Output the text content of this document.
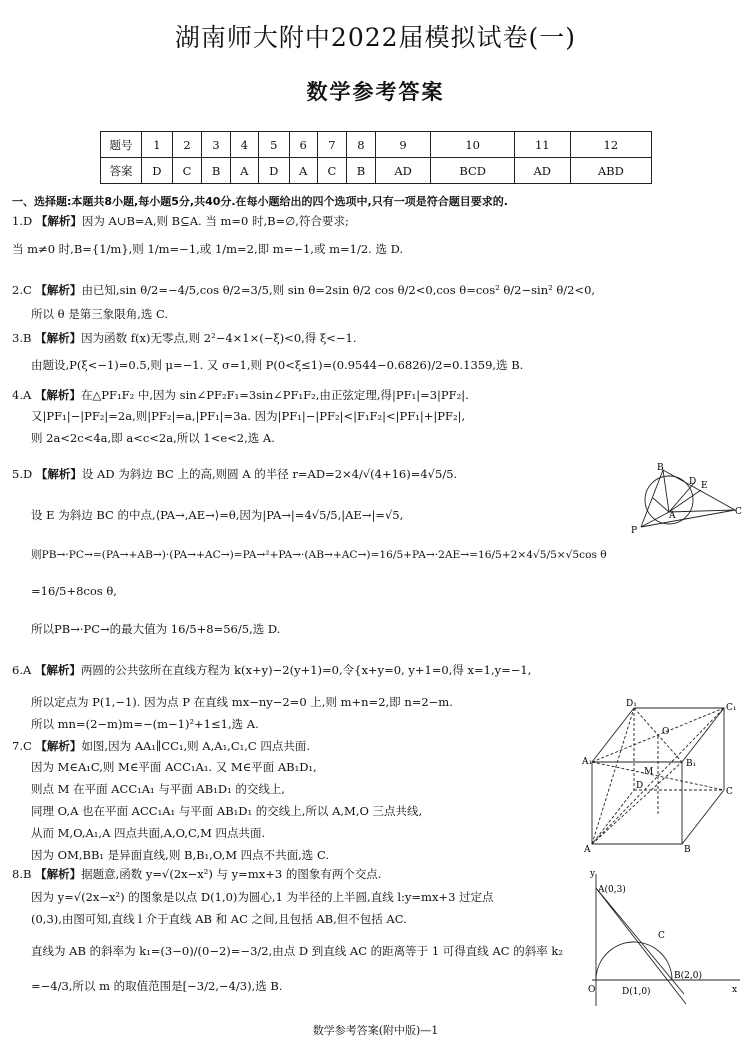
湖南师大附中2022届模拟试卷(一)
数学参考答案
题号	1	2	3	4	5	6	7	8	9	10	11	12
答案	D	C	B	A	D	A	C	B	AD	BCD	AD	ABD
一、选择题:本题共8小题,每小题5分,共40分.在每小题给出的四个选项中,只有一项是符合题目要求的.
1.D 【解析】因为 A∪B=A,则 B⊆A. 当 m=0 时,B=∅,符合要求;
当 m≠0 时,B={1/m},则 1/m=−1,或 1/m=2,即 m=−1,或 m=1/2. 选 D.
2.C 【解析】由已知,sin θ/2=−4/5,cos θ/2=3/5,则 sin θ=2sin θ/2 cos θ/2<0,cos θ=cos² θ/2−sin² θ/2<0,
所以 θ 是第三象限角,选 C.
3.B 【解析】因为函数 f(x)无零点,则 2²−4×1×(−ξ)<0,得 ξ<−1.
由题设,P(ξ<−1)=0.5,则 μ=−1. 又 σ=1,则 P(0<ξ≤1)=(0.9544−0.6826)/2=0.1359,选 B.
4.A 【解析】在△PF₁F₂ 中,因为 sin∠PF₂F₁=3sin∠PF₁F₂,由正弦定理,得|PF₁|=3|PF₂|.
又|PF₁|−|PF₂|=2a,则|PF₂|=a,|PF₁|=3a. 因为|PF₁|−|PF₂|<|F₁F₂|<|PF₁|+|PF₂|,
则 2a<2c<4a,即 a<c<2a,所以 1<e<2,选 A.
5.D 【解析】设 AD 为斜边 BC 上的高,则圆 A 的半径 r=AD=2×4/√(4+16)=4√5/5.
设 E 为斜边 BC 的中点,⟨PA→,AE→⟩=θ,因为|PA→|=4√5/5,|AE→|=√5,
则PB→·PC→=(PA→+AB→)·(PA→+AC→)=PA→²+PA→·(AB→+AC→)=16/5+PA→·2AE→=16/5+2×4√5/5×√5cos θ
=16/5+8cos θ,
所以PB→·PC→的最大值为 16/5+8=56/5,选 D.
6.A 【解析】两圆的公共弦所在直线方程为 k(x+y)−2(y+1)=0,令{x+y=0, y+1=0,得 x=1,y=−1,
所以定点为 P(1,−1). 因为点 P 在直线 mx−ny−2=0 上,则 m+n=2,即 n=2−m.
所以 mn=(2−m)m=−(m−1)²+1≤1,选 A.
7.C 【解析】如图,因为 AA₁∥CC₁,则 A,A₁,C₁,C 四点共面.
因为 M∈A₁C,则 M∈平面 ACC₁A₁. 又 M∈平面 AB₁D₁,
则点 M 在平面 ACC₁A₁ 与平面 AB₁D₁ 的交线上,
同理 O,A 也在平面 ACC₁A₁ 与平面 AB₁D₁ 的交线上,所以 A,M,O 三点共线,
从而 M,O,A₁,A 四点共面,A,O,C,M 四点共面.
因为 OM,BB₁ 是异面直线,则 B,B₁,O,M 四点不共面,选 C.
8.B 【解析】据题意,函数 y=√(2x−x²) 与 y=mx+3 的图象有两个交点.
因为 y=√(2x−x²) 的图象是以点 D(1,0)为圆心,1 为半径的上半圆,直线 l:y=mx+3 过定点
(0,3),由图可知,直线 l 介于直线 AB 和 AC 之间,且包括 AB,但不包括 AC.
直线为 AB 的斜率为 k₁=(3−0)/(0−2)=−3/2,由点 D 到直线 AC 的距离等于 1 可得直线 AC 的斜率 k₂
=−4/3,所以 m 的取值范围是[−3/2,−4/3),选 B.
B
D E
A
P
C
D₁	C₁
A₁	B₁
O
M
D
C
A	B
y
A(0,3)
C
O	D(1,0)
B(2,0)
x
数学参考答案(附中版)—1
